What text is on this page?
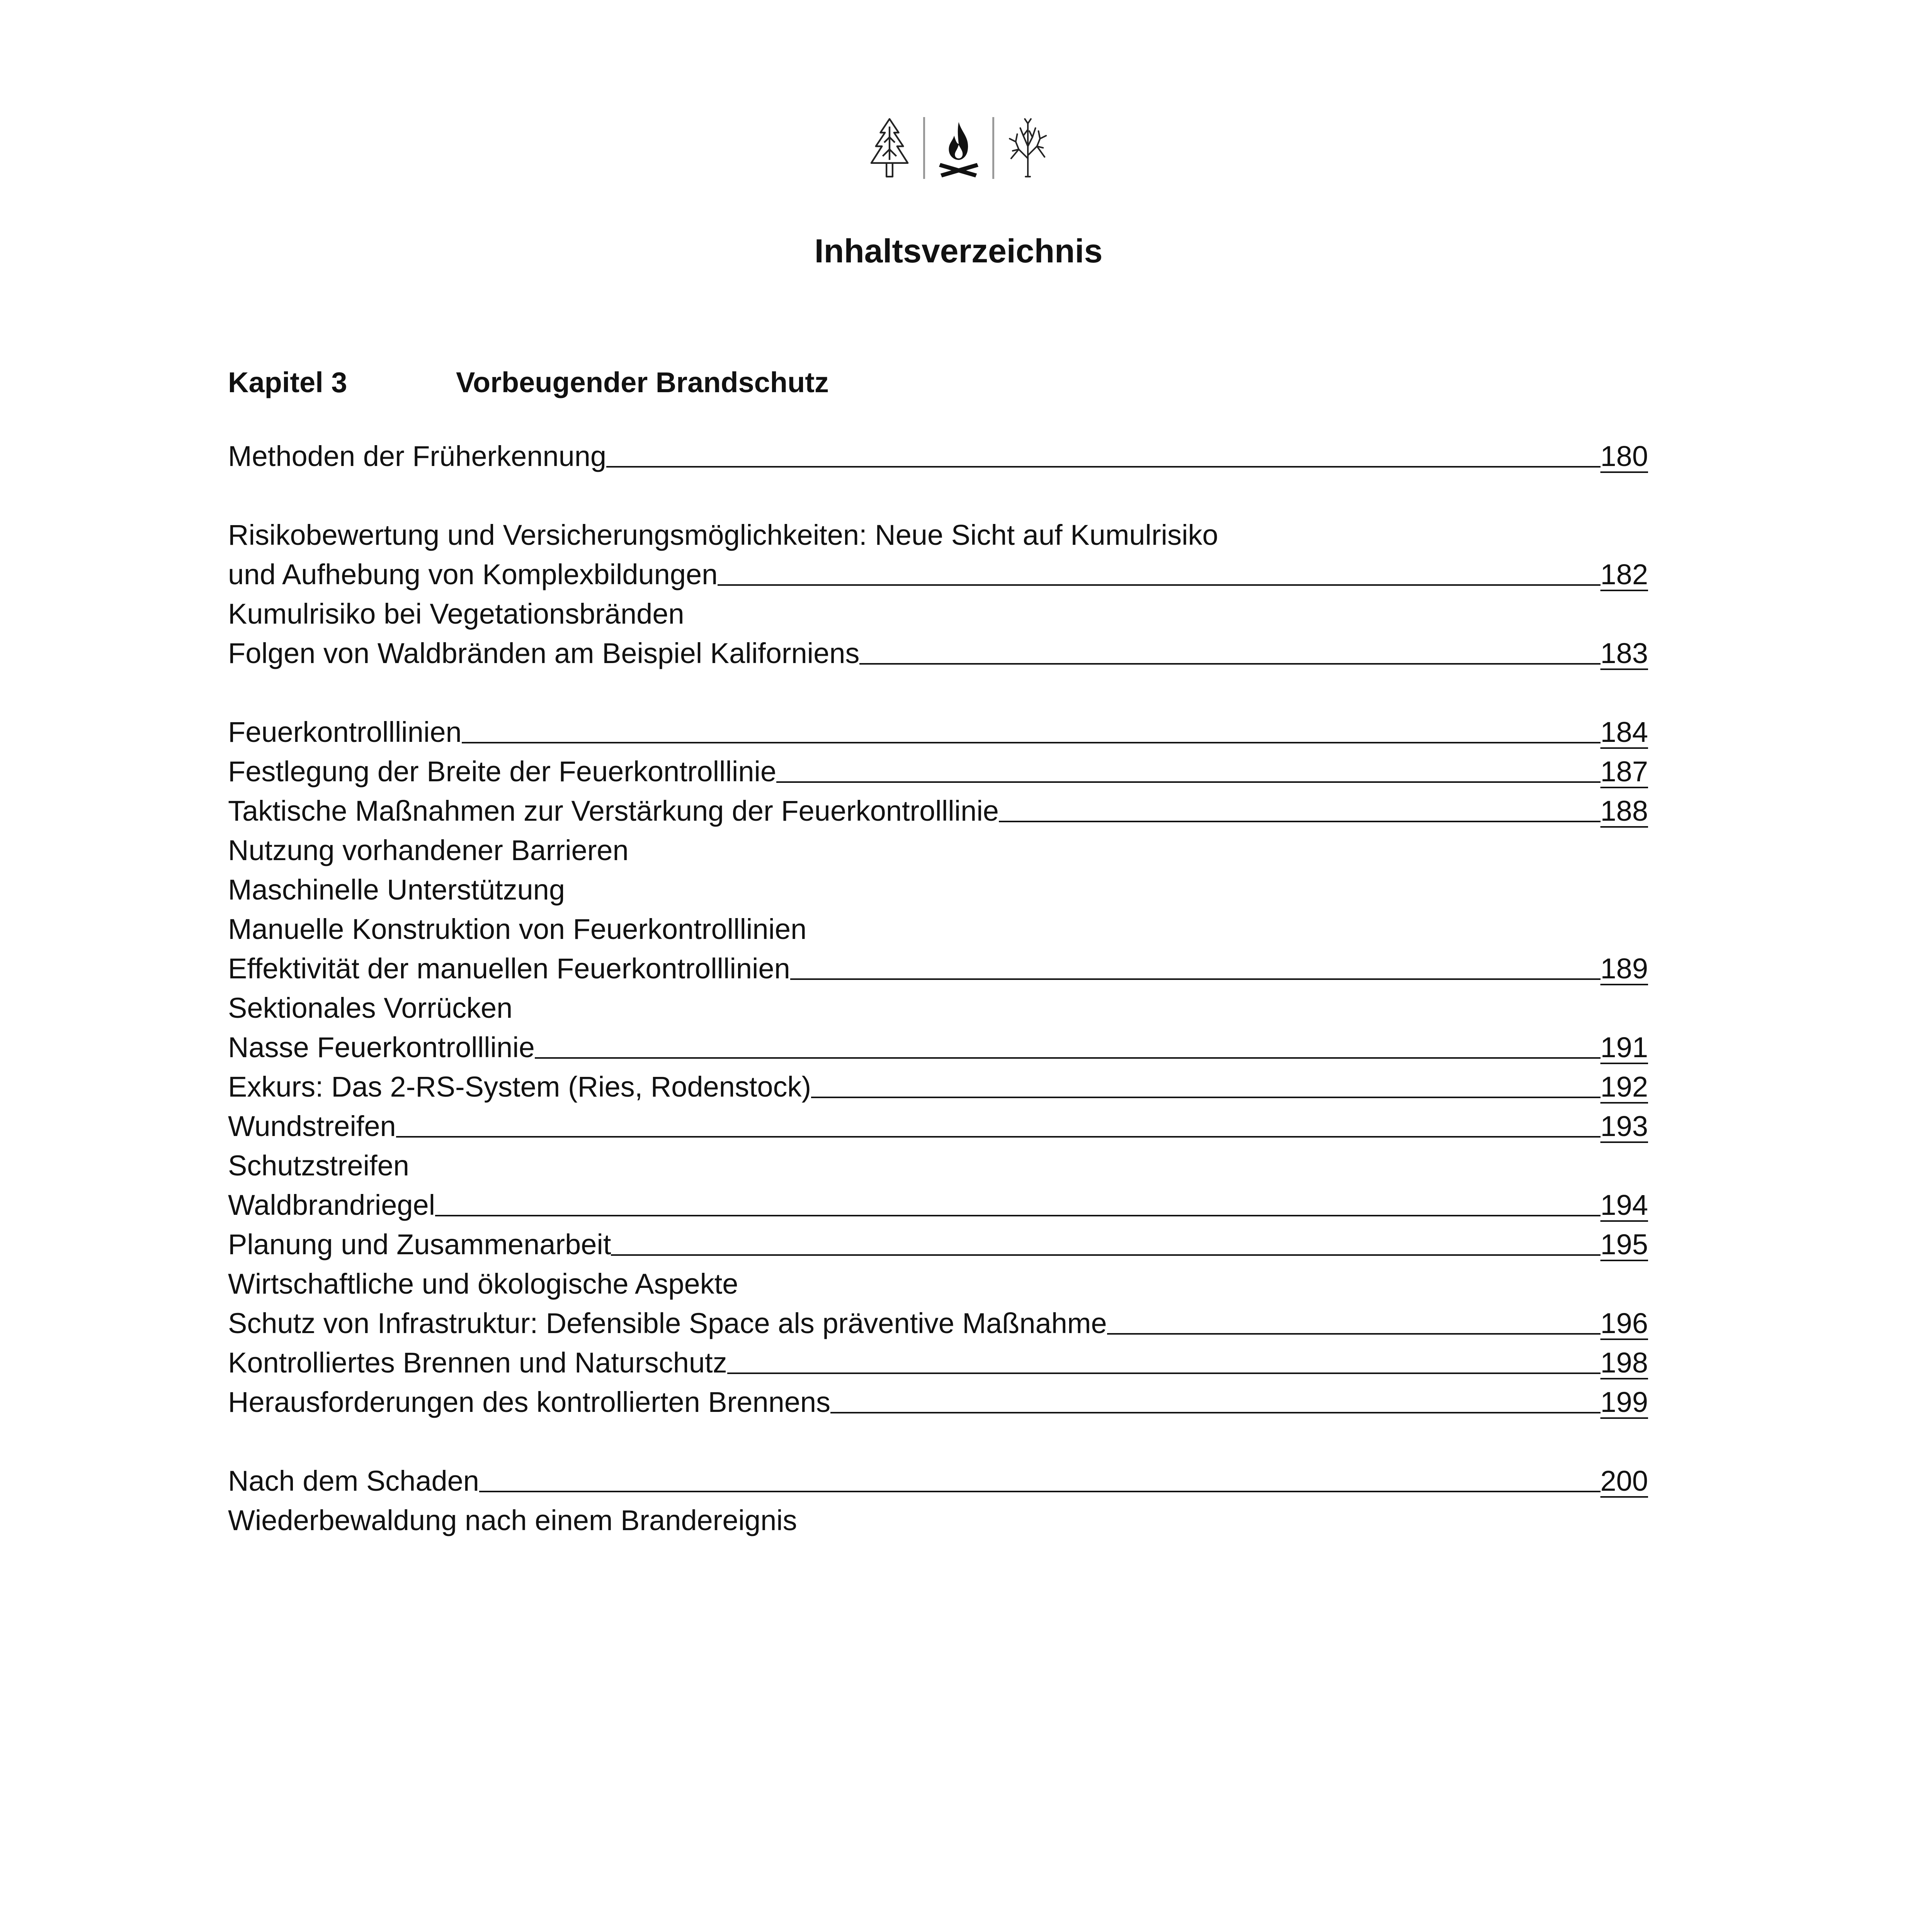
Inhaltsverzeichnis
Kapitel 3	Vorbeugender Brandschutz
Methoden der Früherkennung	180
Risikobewertung und Versicherungsmöglichkeiten: Neue Sicht auf Kumulrisiko
und Aufhebung von Komplexbildungen	182
Kumulrisiko bei Vegetationsbränden
Folgen von Waldbränden am Beispiel Kaliforniens	183
Feuerkontrolllinien	184
Festlegung der Breite der Feuerkontrolllinie	187
Taktische Maßnahmen zur Verstärkung der Feuerkontrolllinie	188
Nutzung vorhandener Barrieren
Maschinelle Unterstützung
Manuelle Konstruktion von Feuerkontrolllinien
Effektivität der manuellen Feuerkontrolllinien	189
Sektionales Vorrücken
Nasse Feuerkontrolllinie	191
Exkurs: Das 2-RS-System (Ries, Rodenstock)	192
Wundstreifen	193
Schutzstreifen
Waldbrandriegel	194
Planung und Zusammenarbeit	195
Wirtschaftliche und ökologische Aspekte
Schutz von Infrastruktur: Defensible Space als präventive Maßnahme	196
Kontrolliertes Brennen und Naturschutz	198
Herausforderungen des kontrollierten Brennens	199
Nach dem Schaden	200
Wiederbewaldung nach einem Brandereignis
